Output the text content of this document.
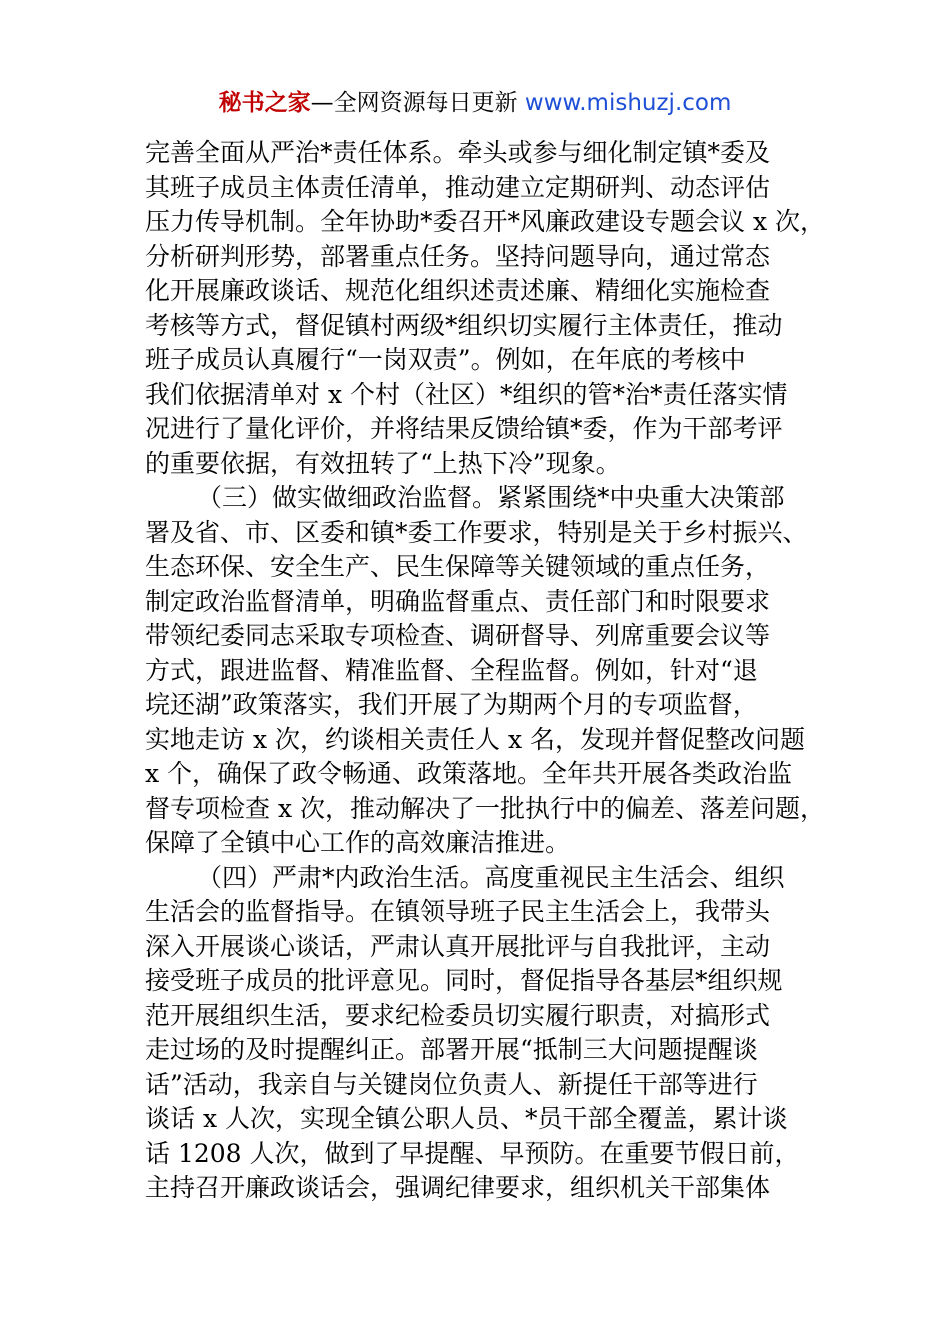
秘书之家—全网资源每日更新 www.mishuzj.com
完善全面从严治*责任体系。牵头或参与细化制定镇*委及
其班子成员主体责任清单，推动建立定期研判、动态评估
压力传导机制。全年协助*委召开*风廉政建设专题会议 x 次，
分析研判形势，部署重点任务。坚持问题导向，通过常态
化开展廉政谈话、规范化组织述责述廉、精细化实施检查
考核等方式，督促镇村两级*组织切实履行主体责任，推动
班子成员认真履行“一岗双责”。例如，在年底的考核中
我们依据清单对 x 个村（社区）*组织的管*治*责任落实情
况进行了量化评价，并将结果反馈给镇*委，作为干部考评
的重要依据，有效扭转了“上热下冷”现象。
（三）做实做细政治监督。紧紧围绕*中央重大决策部
署及省、市、区委和镇*委工作要求，特别是关于乡村振兴、
生态环保、安全生产、民生保障等关键领域的重点任务，
制定政治监督清单，明确监督重点、责任部门和时限要求
带领纪委同志采取专项检查、调研督导、列席重要会议等
方式，跟进监督、精准监督、全程监督。例如，针对“退
垸还湖”政策落实，我们开展了为期两个月的专项监督，
实地走访 x 次，约谈相关责任人 x 名，发现并督促整改问题
x 个，确保了政令畅通、政策落地。全年共开展各类政治监
督专项检查 x 次，推动解决了一批执行中的偏差、落差问题，
保障了全镇中心工作的高效廉洁推进。
（四）严肃*内政治生活。高度重视民主生活会、组织
生活会的监督指导。在镇领导班子民主生活会上，我带头
深入开展谈心谈话，严肃认真开展批评与自我批评，主动
接受班子成员的批评意见。同时，督促指导各基层*组织规
范开展组织生活，要求纪检委员切实履行职责，对搞形式
走过场的及时提醒纠正。部署开展“抵制三大问题提醒谈
话”活动，我亲自与关键岗位负责人、新提任干部等进行
谈话 x 人次，实现全镇公职人员、*员干部全覆盖，累计谈
话 1208 人次，做到了早提醒、早预防。在重要节假日前，
主持召开廉政谈话会，强调纪律要求，组织机关干部集体
